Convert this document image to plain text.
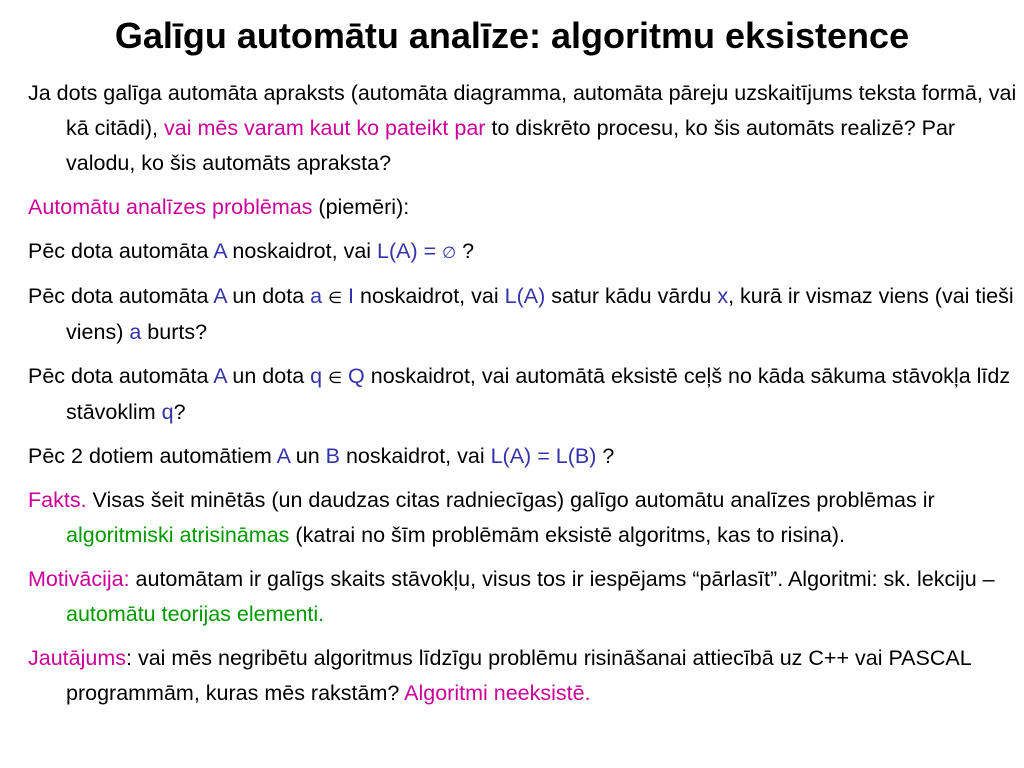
Galīgu automātu analīze: algoritmu eksistence

Ja dots galīga automāta apraksts (automāta diagramma, automāta pāreju uzskaitījums teksta formā, vai kā citādi), vai mēs varam kaut ko pateikt par to diskrēto procesu, ko šis automāts realizē? Par valodu, ko šis automāts apraksta?

Automātu analīzes problēmas (piemēri):

Pēc dota automāta A noskaidrot, vai L(A) = ∅ ?

Pēc dota automāta A un dota a ∈ I noskaidrot, vai L(A) satur kādu vārdu x, kurā ir vismaz viens (vai tieši viens) a burts?

Pēc dota automāta A un dota q ∈ Q noskaidrot, vai automātā eksistē ceļš no kāda sākuma stāvokļa līdz stāvoklim q?

Pēc 2 dotiem automātiem A un B noskaidrot, vai L(A) = L(B) ?

Fakts. Visas šeit minētās (un daudzas citas radniecīgas) galīgo automātu analīzes problēmas ir algoritmiski atrisināmas (katrai no šīm problēmām eksistē algoritms, kas to risina).

Motivācija: automātam ir galīgs skaits stāvokļu, visus tos ir iespējams “pārlasīt”. Algoritmi: sk. lekciju – automātu teorijas elementi.

Jautājums: vai mēs negribētu algoritmus līdzīgu problēmu risināšanai attiecībā uz C++ vai PASCAL programmām, kuras mēs rakstām? Algoritmi neeksistē.
